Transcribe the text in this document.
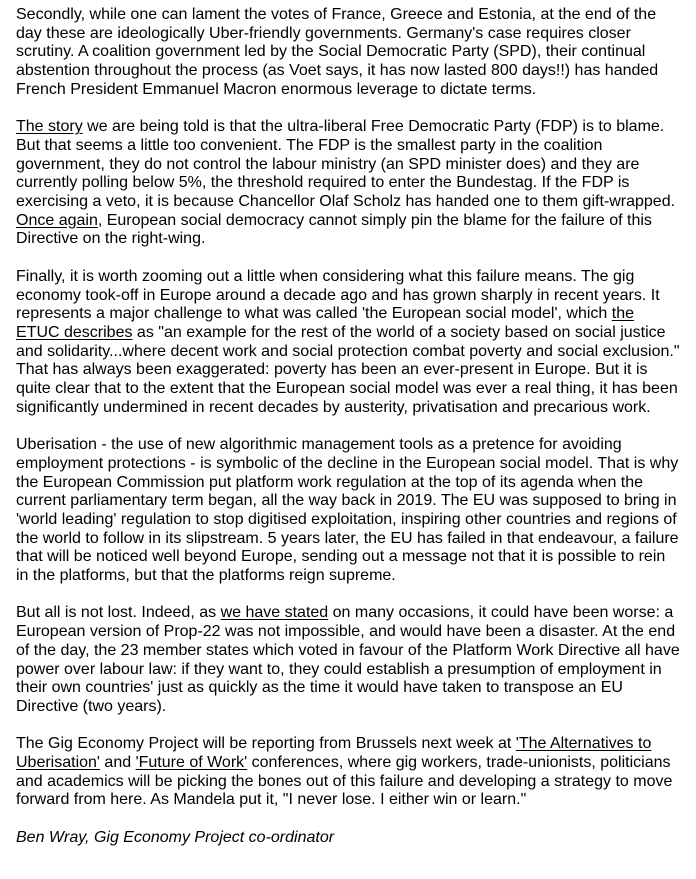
Secondly, while one can lament the votes of France, Greece and Estonia, at the end of the day these are ideologically Uber-friendly governments. Germany's case requires closer scrutiny. A coalition government led by the Social Democratic Party (SPD), their continual abstention throughout the process (as Voet says, it has now lasted 800 days!!) has handed French President Emmanuel Macron enormous leverage to dictate terms.

The story we are being told is that the ultra-liberal Free Democratic Party (FDP) is to blame. But that seems a little too convenient. The FDP is the smallest party in the coalition government, they do not control the labour ministry (an SPD minister does) and they are currently polling below 5%, the threshold required to enter the Bundestag. If the FDP is exercising a veto, it is because Chancellor Olaf Scholz has handed one to them gift-wrapped. Once again, European social democracy cannot simply pin the blame for the failure of this Directive on the right-wing.

Finally, it is worth zooming out a little when considering what this failure means. The gig economy took-off in Europe around a decade ago and has grown sharply in recent years. It represents a major challenge to what was called 'the European social model', which the ETUC describes as "an example for the rest of the world of a society based on social justice and solidarity...where decent work and social protection combat poverty and social exclusion." That has always been exaggerated: poverty has been an ever-present in Europe. But it is quite clear that to the extent that the European social model was ever a real thing, it has been significantly undermined in recent decades by austerity, privatisation and precarious work.

Uberisation - the use of new algorithmic management tools as a pretence for avoiding employment protections - is symbolic of the decline in the European social model. That is why the European Commission put platform work regulation at the top of its agenda when the current parliamentary term began, all the way back in 2019. The EU was supposed to bring in 'world leading' regulation to stop digitised exploitation, inspiring other countries and regions of the world to follow in its slipstream. 5 years later, the EU has failed in that endeavour, a failure that will be noticed well beyond Europe, sending out a message not that it is possible to rein in the platforms, but that the platforms reign supreme.

But all is not lost. Indeed, as we have stated on many occasions, it could have been worse: a European version of Prop-22 was not impossible, and would have been a disaster. At the end of the day, the 23 member states which voted in favour of the Platform Work Directive all have power over labour law: if they want to, they could establish a presumption of employment in their own countries' just as quickly as the time it would have taken to transpose an EU Directive (two years).

The Gig Economy Project will be reporting from Brussels next week at 'The Alternatives to Uberisation' and 'Future of Work' conferences, where gig workers, trade-unionists, politicians and academics will be picking the bones out of this failure and developing a strategy to move forward from here. As Mandela put it, "I never lose. I either win or learn."

Ben Wray, Gig Economy Project co-ordinator
